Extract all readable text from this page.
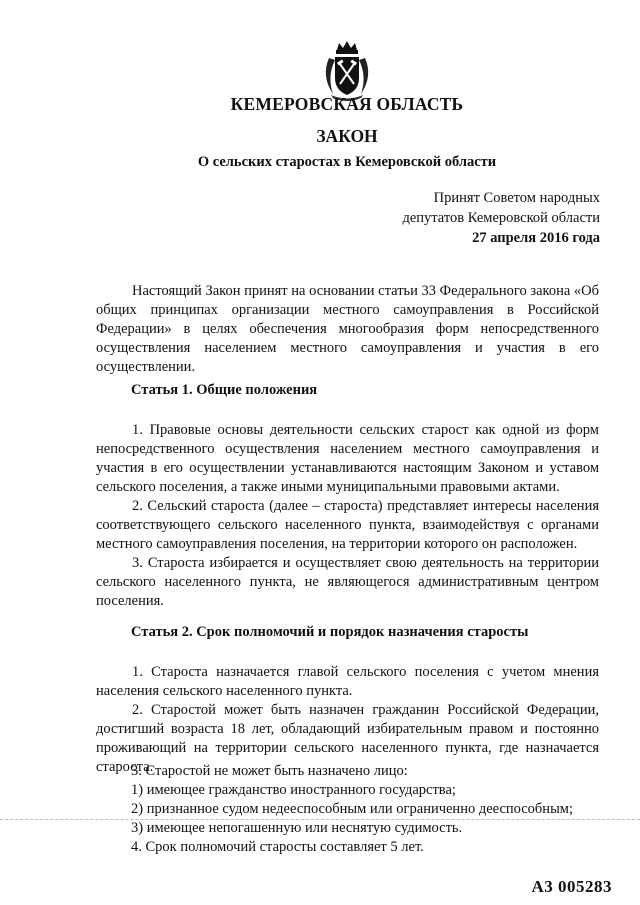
КЕМЕРОВСКАЯ ОБЛАСТЬ
ЗАКОН
О сельских старостах в Кемеровской области
Принят Советом народных
депутатов Кемеровской области
27 апреля 2016 года
Настоящий Закон принят на основании статьи 33 Федерального закона «Об общих принципах организации местного самоуправления в Российской Федерации» в целях обеспечения многообразия форм непосредственного осуществления населением местного самоуправления и участия в его осуществлении.
Статья 1. Общие положения
1. Правовые основы деятельности сельских старост как одной из форм непосредственного осуществления населением местного самоуправления и участия в его осуществлении устанавливаются настоящим Законом и уставом сельского поселения, а также иными муниципальными правовыми актами.
2. Сельский староста (далее – староста) представляет интересы населения соответствующего сельского населенного пункта, взаимодействуя с органами местного самоуправления поселения, на территории которого он расположен.
3. Староста избирается и осуществляет свою деятельность на территории сельского населенного пункта, не являющегося административным центром поселения.
Статья 2. Срок полномочий и порядок назначения старосты
1. Староста назначается главой сельского поселения с учетом мнения населения сельского населенного пункта.
2. Старостой может быть назначен гражданин Российской Федерации, достигший возраста 18 лет, обладающий избирательным правом и постоянно проживающий на территории сельского населенного пункта, где назначается староста.
3. Старостой не может быть назначено лицо:
1) имеющее гражданство иностранного государства;
2) признанное судом недееспособным или ограниченно дееспособным;
3) имеющее непогашенную или неснятую судимость.
4. Срок полномочий старосты составляет 5 лет.
А3 005283
